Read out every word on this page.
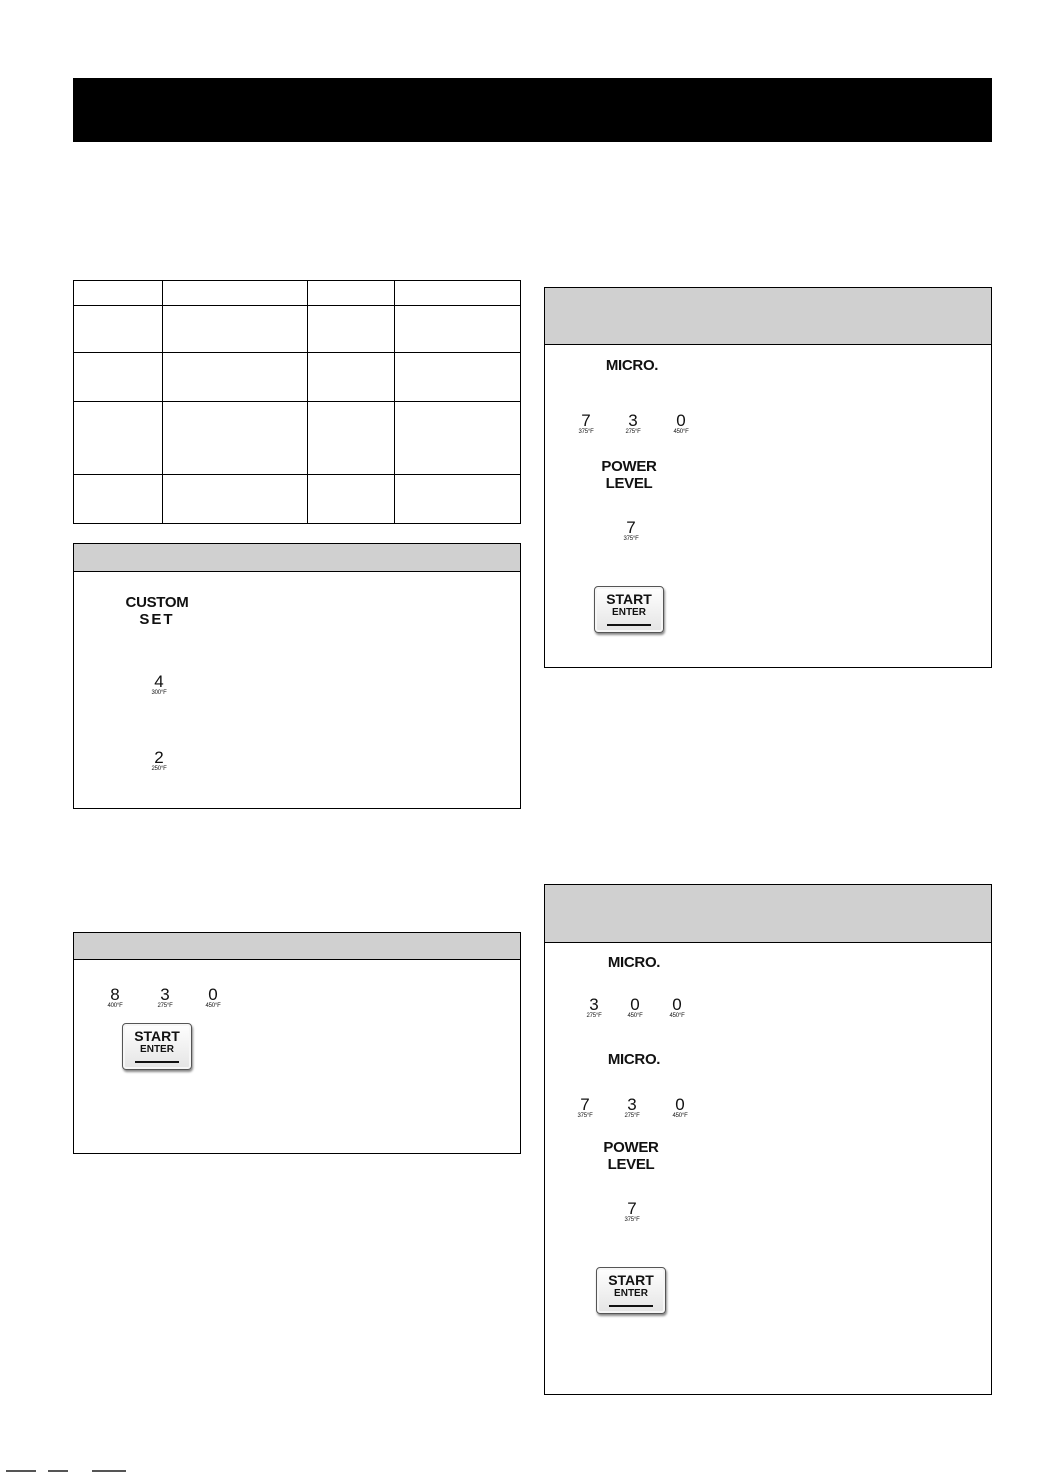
CUSTOM
SET
4
300°F
2
250°F
8
400°F
3
275°F
0
450°F
START
ENTER
MICRO.
7
375°F
3
275°F
0
450°F
POWER
LEVEL
7
375°F
START
ENTER
MICRO.
3
275°F
0
450°F
0
450°F
MICRO.
7
375°F
3
275°F
0
450°F
POWER
LEVEL
7
375°F
START
ENTER
